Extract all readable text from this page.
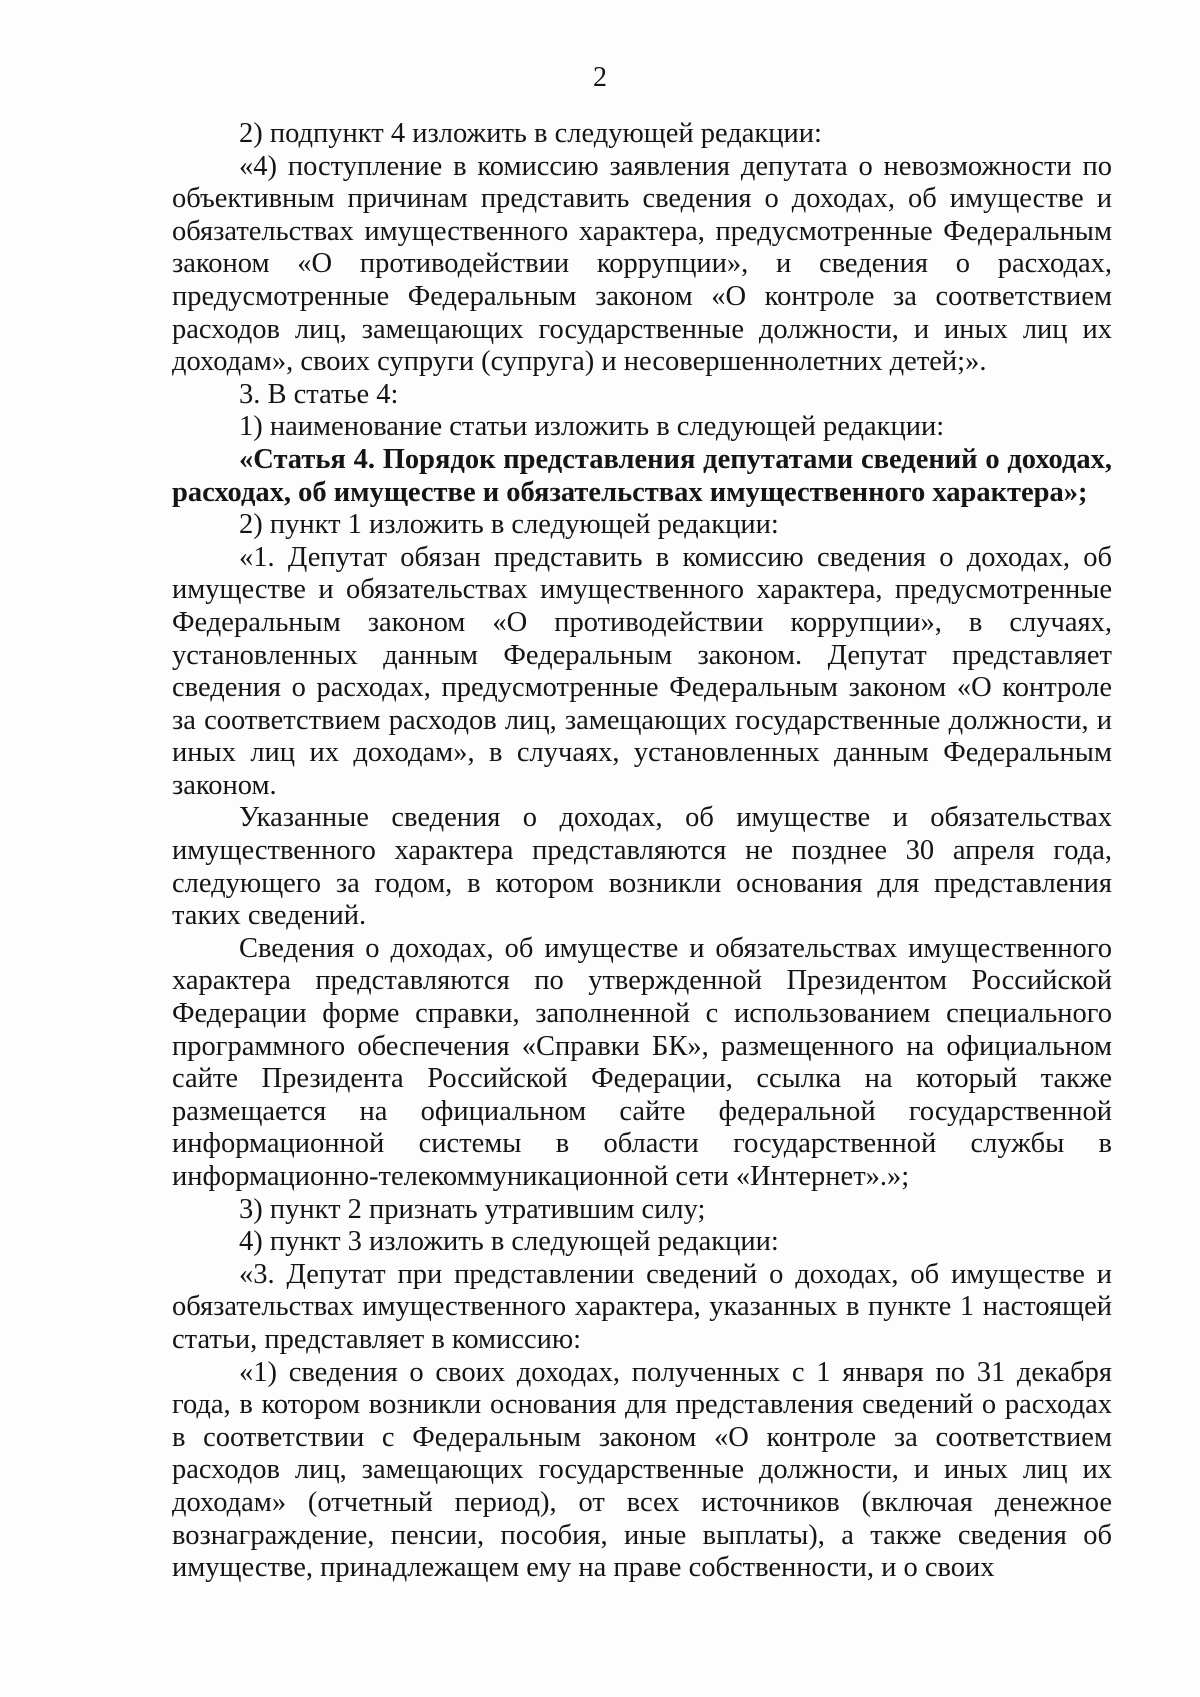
2

2) подпункт 4 изложить в следующей редакции:

«4) поступление в комиссию заявления депутата о невозможности по объективным причинам представить сведения о доходах, об имуществе и обязательствах имущественного характера, предусмотренные Федеральным законом «О противодействии коррупции», и сведения о расходах, предусмотренные Федеральным законом «О контроле за соответствием расходов лиц, замещающих государственные должности, и иных лиц их доходам», своих супруги (супруга) и несовершеннолетних детей;».

3. В статье 4:

1) наименование статьи изложить в следующей редакции:

«Статья 4. Порядок представления депутатами сведений о доходах, расходах, об имуществе и обязательствах имущественного характера»;

2) пункт 1 изложить в следующей редакции:

«1. Депутат обязан представить в комиссию сведения о доходах, об имуществе и обязательствах имущественного характера, предусмотренные Федеральным законом «О противодействии коррупции», в случаях, установленных данным Федеральным законом. Депутат представляет сведения о расходах, предусмотренные Федеральным законом «О контроле за соответствием расходов лиц, замещающих государственные должности, и иных лиц их доходам», в случаях, установленных данным Федеральным законом.

Указанные сведения о доходах, об имуществе и обязательствах имущественного характера представляются не позднее 30 апреля года, следующего за годом, в котором возникли основания для представления таких сведений.

Сведения о доходах, об имуществе и обязательствах имущественного характера представляются по утвержденной Президентом Российской Федерации форме справки, заполненной с использованием специального программного обеспечения «Справки БК», размещенного на официальном сайте Президента Российской Федерации, ссылка на который также размещается на официальном сайте федеральной государственной информационной системы в области государственной службы в информационно-телекоммуникационной сети «Интернет».»;

3) пункт 2 признать утратившим силу;

4) пункт 3 изложить в следующей редакции:

«3. Депутат при представлении сведений о доходах, об имуществе и обязательствах имущественного характера, указанных в пункте 1 настоящей статьи, представляет в комиссию:

«1) сведения о своих доходах, полученных с 1 января по 31 декабря года, в котором возникли основания для представления сведений о расходах в соответствии с Федеральным законом «О контроле за соответствием расходов лиц, замещающих государственные должности, и иных лиц их доходам» (отчетный период), от всех источников (включая денежное вознаграждение, пенсии, пособия, иные выплаты), а также сведения об имуществе, принадлежащем ему на праве собственности, и о своих
